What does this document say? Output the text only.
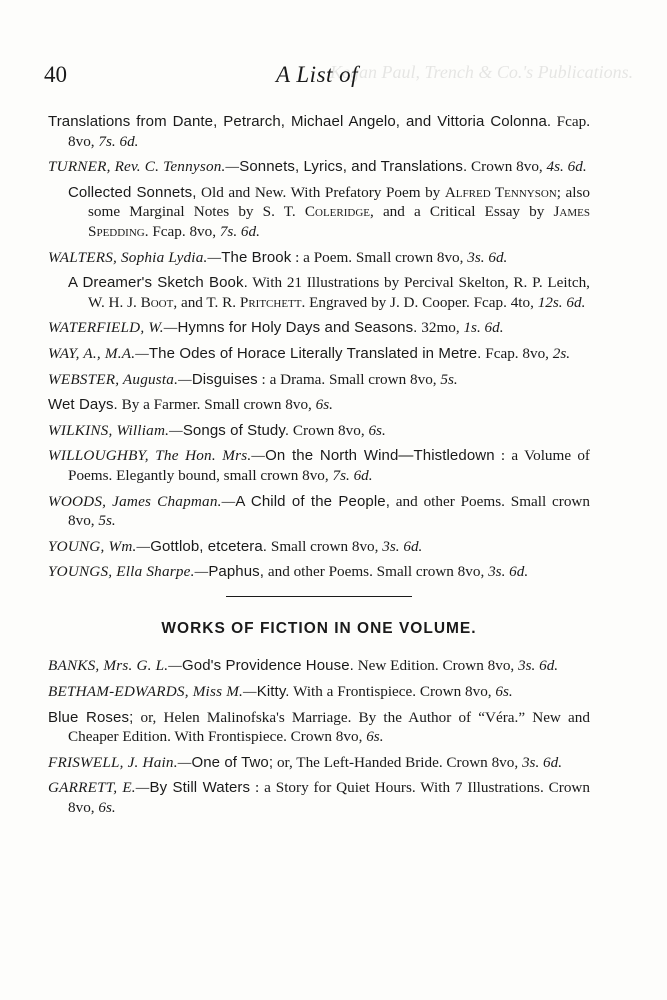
Kegan Paul, Trench & Co.'s Publications.
40	A List of

Translations from Dante, Petrarch, Michael Angelo, and Vittoria Colonna. Fcap. 8vo, 7s. 6d.

TURNER, Rev. C. Tennyson.—Sonnets, Lyrics, and Translations. Crown 8vo, 4s. 6d.

Collected Sonnets, Old and New. With Prefatory Poem by Alfred Tennyson; also some Marginal Notes by S. T. Coleridge, and a Critical Essay by James Spedding. Fcap. 8vo, 7s. 6d.

WALTERS, Sophia Lydia.—The Brook : a Poem. Small crown 8vo, 3s. 6d.

A Dreamer's Sketch Book. With 21 Illustrations by Percival Skelton, R. P. Leitch, W. H. J. Boot, and T. R. Pritchett. Engraved by J. D. Cooper. Fcap. 4to, 12s. 6d.

WATERFIELD, W.—Hymns for Holy Days and Seasons. 32mo, 1s. 6d.

WAY, A., M.A.—The Odes of Horace Literally Translated in Metre. Fcap. 8vo, 2s.

WEBSTER, Augusta.—Disguises : a Drama. Small crown 8vo, 5s.

Wet Days. By a Farmer. Small crown 8vo, 6s.

WILKINS, William.—Songs of Study. Crown 8vo, 6s.

WILLOUGHBY, The Hon. Mrs.—On the North Wind—Thistledown : a Volume of Poems. Elegantly bound, small crown 8vo, 7s. 6d.

WOODS, James Chapman.—A Child of the People, and other Poems. Small crown 8vo, 5s.

YOUNG, Wm.—Gottlob, etcetera. Small crown 8vo, 3s. 6d.

YOUNGS, Ella Sharpe.—Paphus, and other Poems. Small crown 8vo, 3s. 6d.

WORKS OF FICTION IN ONE VOLUME.

BANKS, Mrs. G. L.—God's Providence House. New Edition. Crown 8vo, 3s. 6d.

BETHAM-EDWARDS, Miss M.—Kitty. With a Frontispiece. Crown 8vo, 6s.

Blue Roses; or, Helen Malinofska's Marriage. By the Author of “Véra.” New and Cheaper Edition. With Frontispiece. Crown 8vo, 6s.

FRISWELL, J. Hain.—One of Two; or, The Left-Handed Bride. Crown 8vo, 3s. 6d.

GARRETT, E.—By Still Waters : a Story for Quiet Hours. With 7 Illustrations. Crown 8vo, 6s.
